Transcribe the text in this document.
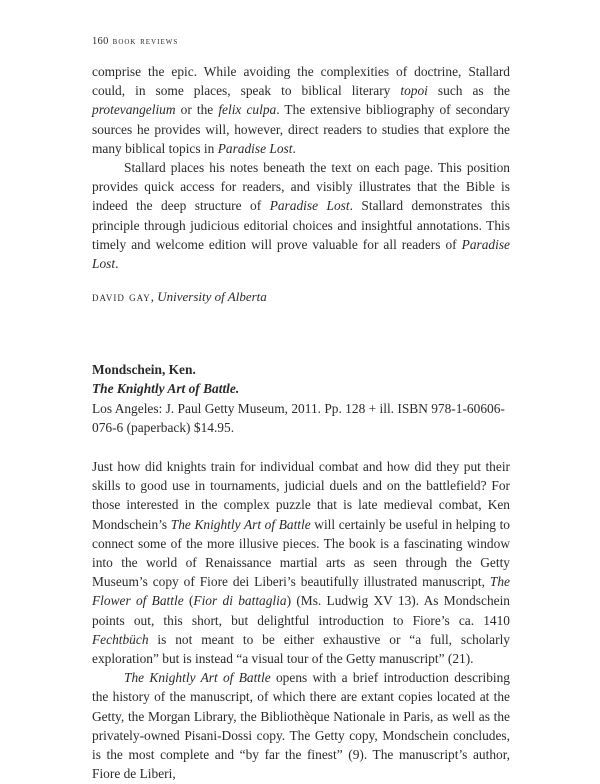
160 book reviews

comprise the epic. While avoiding the complexities of doctrine, Stallard could, in some places, speak to biblical literary topoi such as the protevangelium or the felix culpa. The extensive bibliography of secondary sources he provides will, however, direct readers to studies that explore the many biblical topics in Paradise Lost.

Stallard places his notes beneath the text on each page. This position provides quick access for readers, and visibly illustrates that the Bible is indeed the deep structure of Paradise Lost. Stallard demonstrates this principle through judicious editorial choices and insightful annotations. This timely and welcome edition will prove valuable for all readers of Paradise Lost.

david gay, University of Alberta
Mondschein, Ken.
The Knightly Art of Battle.
Los Angeles: J. Paul Getty Museum, 2011. Pp. 128 + ill. ISBN 978-1-60606-076-6 (paperback) $14.95.

Just how did knights train for individual combat and how did they put their skills to good use in tournaments, judicial duels and on the battlefield? For those interested in the complex puzzle that is late medieval combat, Ken Mondschein’s The Knightly Art of Battle will certainly be useful in helping to connect some of the more illusive pieces. The book is a fascinating window into the world of Renaissance martial arts as seen through the Getty Museum’s copy of Fiore dei Liberi’s beautifully illustrated manuscript, The Flower of Battle (Fior di battaglia) (Ms. Ludwig XV 13). As Mondschein points out, this short, but delightful introduction to Fiore’s ca. 1410 Fechtbüch is not meant to be either exhaustive or “a full, scholarly exploration” but is instead “a visual tour of the Getty manuscript” (21).

The Knightly Art of Battle opens with a brief introduction describing the history of the manuscript, of which there are extant copies located at the Getty, the Morgan Library, the Bibliothèque Nationale in Paris, as well as the privately-owned Pisani-Dossi copy. The Getty copy, Mondschein concludes, is the most complete and “by far the finest” (9). The manuscript’s author, Fiore de Liberi,
